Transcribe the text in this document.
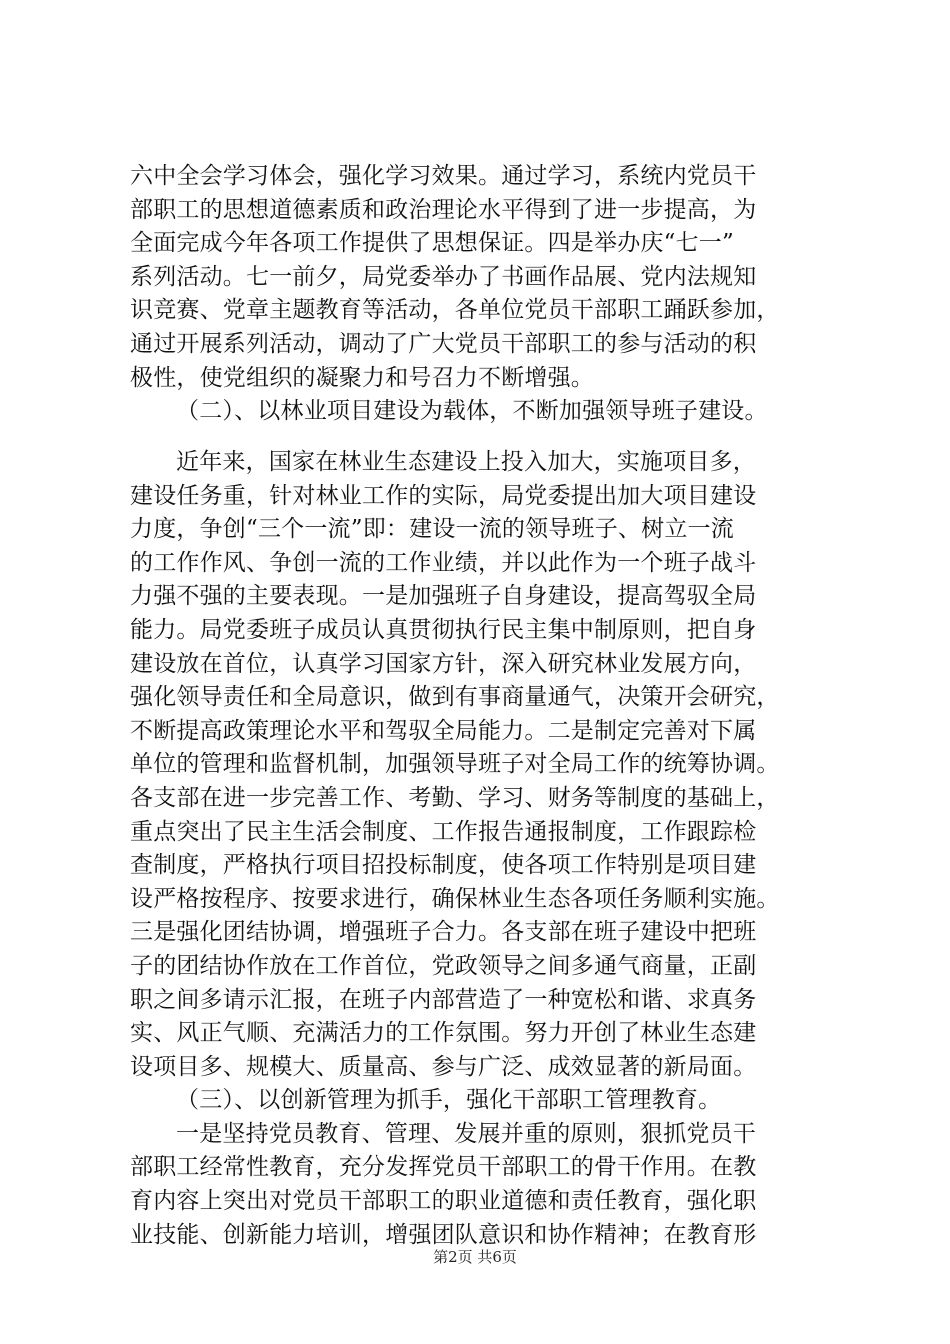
六中全会学习体会，强化学习效果。通过学习，系统内党员干
部职工的思想道德素质和政治理论水平得到了进一步提高，为
全面完成今年各项工作提供了思想保证。四是举办庆“七一”
系列活动。七一前夕，局党委举办了书画作品展、党内法规知
识竞赛、党章主题教育等活动，各单位党员干部职工踊跃参加，
通过开展系列活动，调动了广大党员干部职工的参与活动的积
极性，使党组织的凝聚力和号召力不断增强。
（二）、以林业项目建设为载体，不断加强领导班子建设。
近年来，国家在林业生态建设上投入加大，实施项目多，
建设任务重，针对林业工作的实际，局党委提出加大项目建设
力度，争创“三个一流”即：建设一流的领导班子、树立一流
的工作作风、争创一流的工作业绩，并以此作为一个班子战斗
力强不强的主要表现。一是加强班子自身建设，提高驾驭全局
能力。局党委班子成员认真贯彻执行民主集中制原则，把自身
建设放在首位，认真学习国家方针，深入研究林业发展方向，
强化领导责任和全局意识，做到有事商量通气，决策开会研究，
不断提高政策理论水平和驾驭全局能力。二是制定完善对下属
单位的管理和监督机制，加强领导班子对全局工作的统筹协调。
各支部在进一步完善工作、考勤、学习、财务等制度的基础上，
重点突出了民主生活会制度、工作报告通报制度，工作跟踪检
查制度，严格执行项目招投标制度，使各项工作特别是项目建
设严格按程序、按要求进行，确保林业生态各项任务顺利实施。
三是强化团结协调，增强班子合力。各支部在班子建设中把班
子的团结协作放在工作首位，党政领导之间多通气商量，正副
职之间多请示汇报，在班子内部营造了一种宽松和谐、求真务
实、风正气顺、充满活力的工作氛围。努力开创了林业生态建
设项目多、规模大、质量高、参与广泛、成效显著的新局面。
（三）、以创新管理为抓手，强化干部职工管理教育。
一是坚持党员教育、管理、发展并重的原则，狠抓党员干
部职工经常性教育，充分发挥党员干部职工的骨干作用。在教
育内容上突出对党员干部职工的职业道德和责任教育，强化职
业技能、创新能力培训，增强团队意识和协作精神；在教育形
第2页 共6页
